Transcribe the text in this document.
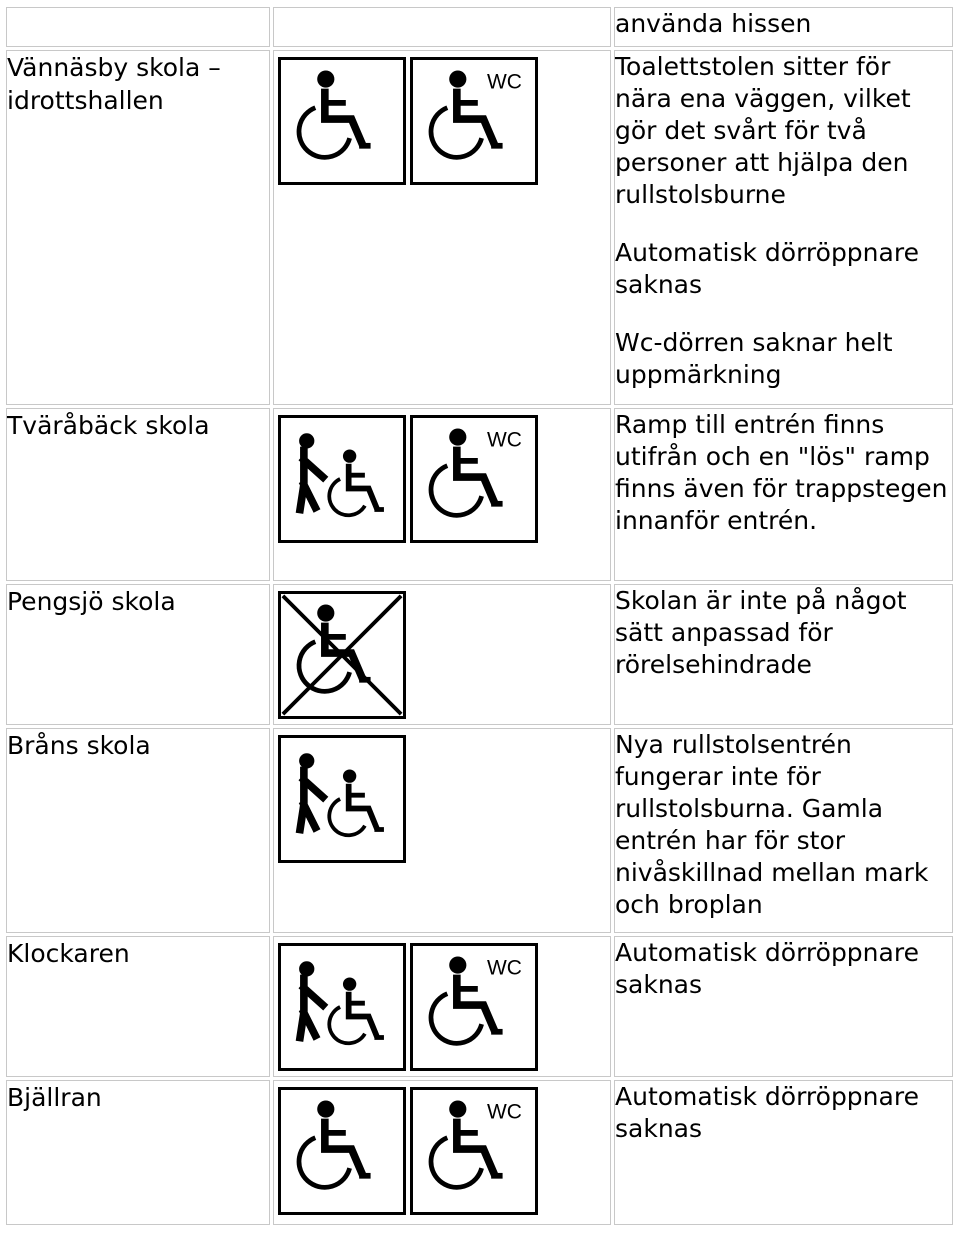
		använda hissen

Vännäsby skola – idrottshallen	WC	Toalettstolen sitter för nära ena väggen, vilket gör det svårt för två personer att hjälpa den rullstolsburne

Automatisk dörröppnare saknas

Wc-dörren saknar helt uppmärkning

Tväråbäck skola	WC	Ramp till entrén finns utifrån och en "lös" ramp finns även för trappstegen innanför entrén.

Pengsjö skola		Skolan är inte på något sätt anpassad för rörelsehindrade

Bråns skola		Nya rullstolsentrén fungerar inte för rullstolsburna. Gamla entrén har för stor nivåskillnad mellan mark och broplan

Klockaren	WC	Automatisk dörröppnare saknas

Bjällran	WC	Automatisk dörröppnare saknas
